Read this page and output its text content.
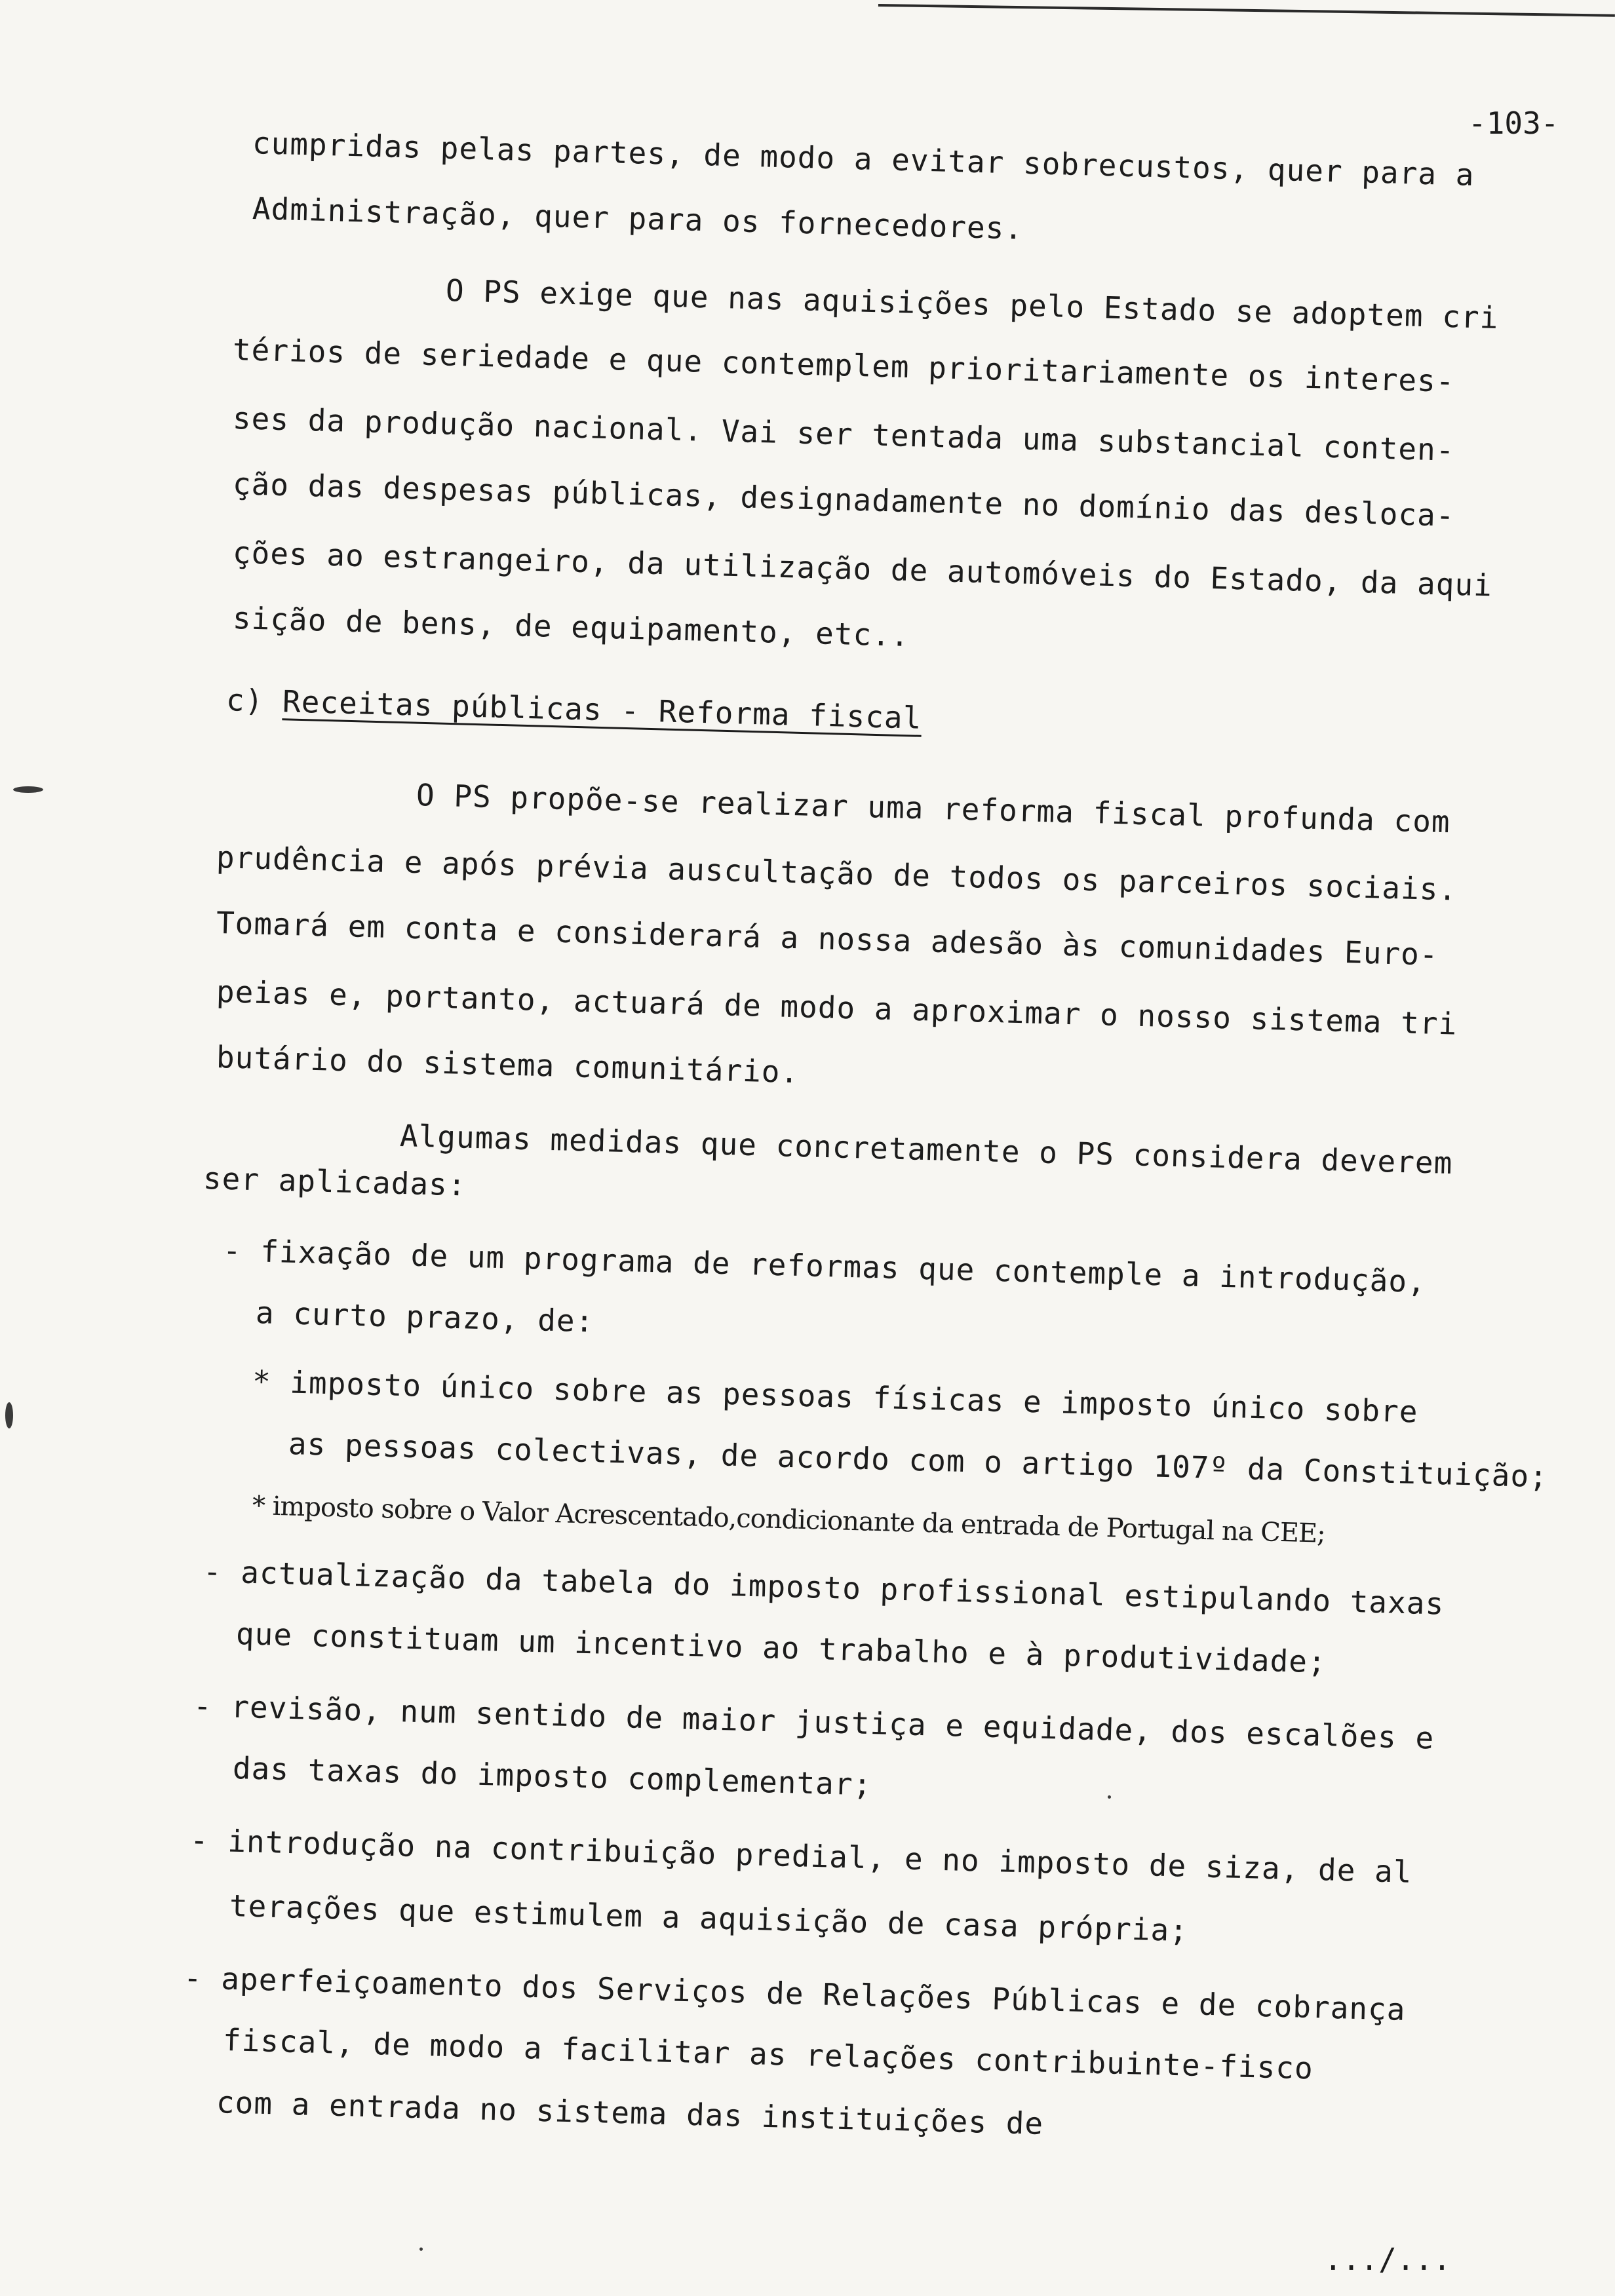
-103-
cumpridas pelas partes, de modo a evitar sobrecustos, quer para a
Administração, quer para os fornecedores.
O PS exige que nas aquisições pelo Estado se adoptem cri
térios de seriedade e que contemplem prioritariamente os interes-
ses da produção nacional. Vai ser tentada uma substancial conten-
ção das despesas públicas, designadamente no domínio das desloca-
ções ao estrangeiro, da utilização de automóveis do Estado, da aqui
sição de bens, de equipamento, etc..
c) Receitas públicas - Reforma fiscal
O PS propõe-se realizar uma reforma fiscal profunda com
prudência e após prévia auscultação de todos os parceiros sociais.
Tomará em conta e considerará a nossa adesão às comunidades Euro-
peias e, portanto, actuará de modo a aproximar o nosso sistema tri
butário do sistema comunitário.
Algumas medidas que concretamente o PS considera deverem
ser aplicadas:
- fixação de um programa de reformas que contemple a introdução,
a curto prazo, de:
* imposto único sobre as pessoas físicas e imposto único sobre
as pessoas colectivas, de acordo com o artigo 107º da Constituição;
* imposto sobre o Valor Acrescentado,condicionante da entrada de Portugal na CEE;
- actualização da tabela do imposto profissional estipulando taxas
que constituam um incentivo ao trabalho e à produtividade;
- revisão, num sentido de maior justiça e equidade, dos escalões e
das taxas do imposto complementar;
- introdução na contribuição predial, e no imposto de siza, de al
terações que estimulem a aquisição de casa própria;
- aperfeiçoamento dos Serviços de Relações Públicas e de cobrança
fiscal, de modo a facilitar as relações contribuinte-fisco
com a entrada no sistema das instituições de
.../...
